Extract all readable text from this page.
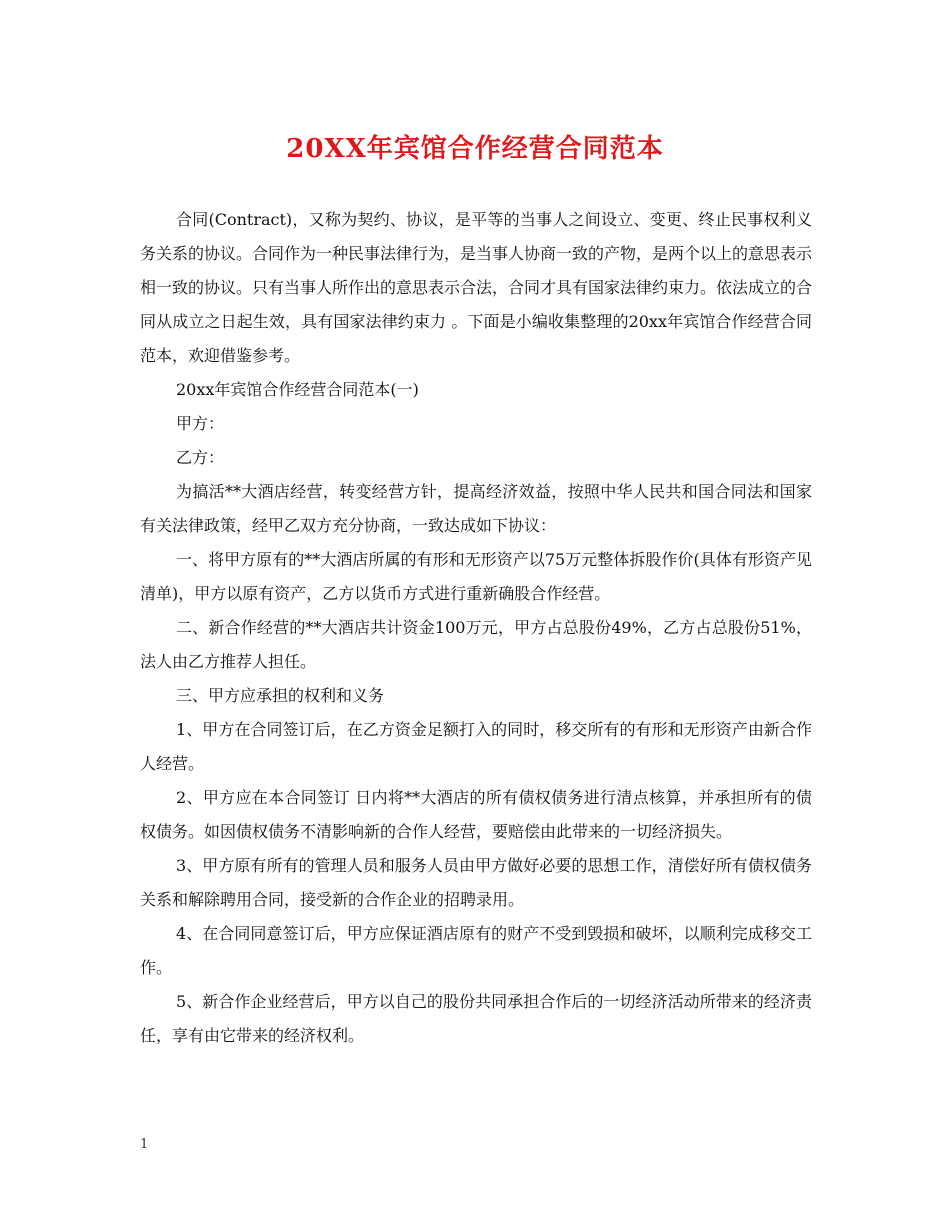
20XX年宾馆合作经营合同范本

合同(Contract)，又称为契约、协议，是平等的当事人之间设立、变更、终止民事权利义务关系的协议。合同作为一种民事法律行为，是当事人协商一致的产物，是两个以上的意思表示相一致的协议。只有当事人所作出的意思表示合法，合同才具有国家法律约束力。依法成立的合同从成立之日起生效，具有国家法律约束力 。下面是小编收集整理的20xx年宾馆合作经营合同范本，欢迎借鉴参考。

20xx年宾馆合作经营合同范本(一)

甲方：

乙方：

为搞活**大酒店经营，转变经营方针，提高经济效益，按照中华人民共和国合同法和国家有关法律政策，经甲乙双方充分协商，一致达成如下协议：

一、将甲方原有的**大酒店所属的有形和无形资产以75万元整体拆股作价(具体有形资产见清单)，甲方以原有资产，乙方以货币方式进行重新确股合作经营。

二、新合作经营的**大酒店共计资金100万元，甲方占总股份49%，乙方占总股份51%，法人由乙方推荐人担任。

三、甲方应承担的权利和义务

1、甲方在合同签订后，在乙方资金足额打入的同时，移交所有的有形和无形资产由新合作人经营。

2、甲方应在本合同签订 日内将**大酒店的所有债权债务进行清点核算，并承担所有的债权债务。如因债权债务不清影响新的合作人经营，要赔偿由此带来的一切经济损失。

3、甲方原有所有的管理人员和服务人员由甲方做好必要的思想工作，清偿好所有债权债务关系和解除聘用合同，接受新的合作企业的招聘录用。

4、在合同同意签订后，甲方应保证酒店原有的财产不受到毁损和破坏，以顺利完成移交工作。

5、新合作企业经营后，甲方以自己的股份共同承担合作后的一切经济活动所带来的经济责任，享有由它带来的经济权利。

1
